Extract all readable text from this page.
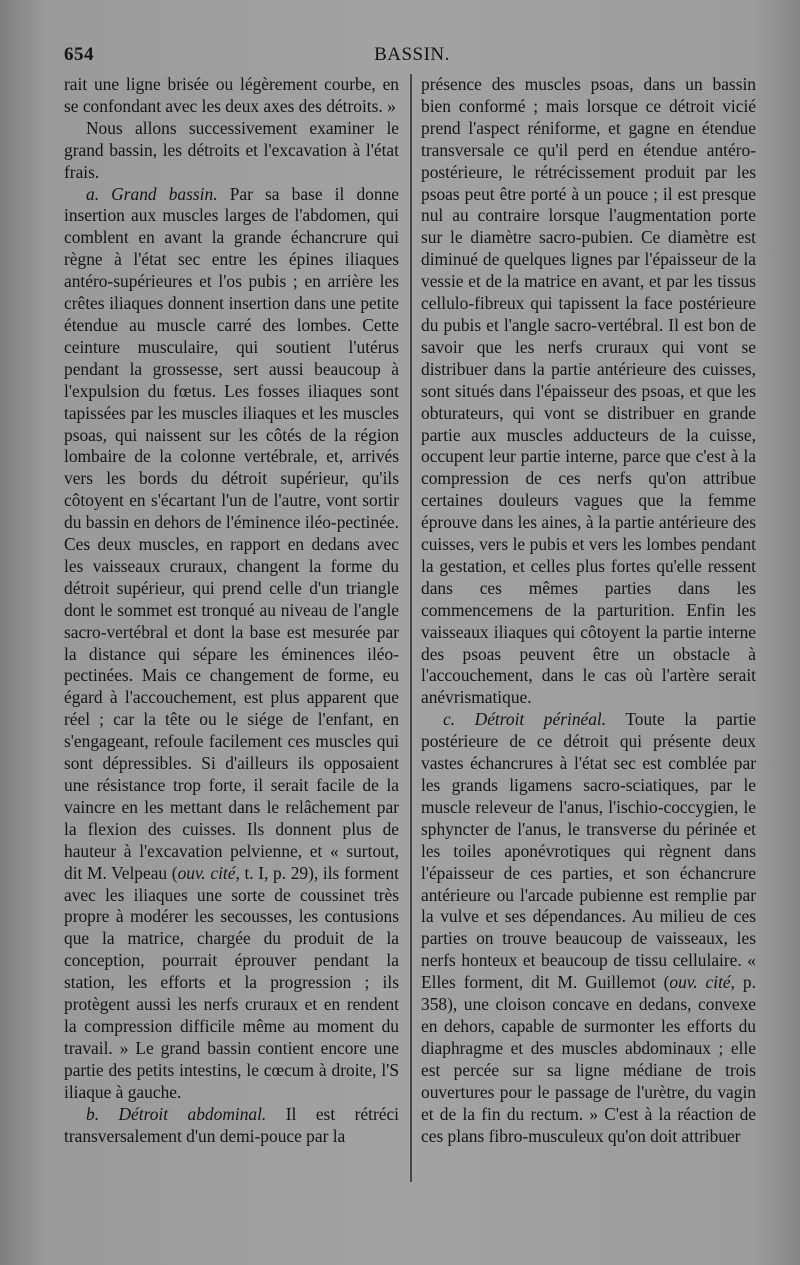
654	BASSIN.

rait une ligne brisée ou légèrement courbe, en se confondant avec les deux axes des détroits. »

Nous allons successivement examiner le grand bassin, les détroits et l'excavation à l'état frais.

a. Grand bassin. Par sa base il donne insertion aux muscles larges de l'abdomen, qui comblent en avant la grande échancrure qui règne à l'état sec entre les épines iliaques antéro-supérieures et l'os pubis ; en arrière les crêtes iliaques donnent insertion dans une petite étendue au muscle carré des lombes. Cette ceinture musculaire, qui soutient l'utérus pendant la grossesse, sert aussi beaucoup à l'expulsion du fœtus. Les fosses iliaques sont tapissées par les muscles iliaques et les muscles psoas, qui naissent sur les côtés de la région lombaire de la colonne vertébrale, et, arrivés vers les bords du détroit supérieur, qu'ils côtoyent en s'écartant l'un de l'autre, vont sortir du bassin en dehors de l'éminence iléo-pectinée. Ces deux muscles, en rapport en dedans avec les vaisseaux cruraux, changent la forme du détroit supérieur, qui prend celle d'un triangle dont le sommet est tronqué au niveau de l'angle sacro-vertébral et dont la base est mesurée par la distance qui sépare les éminences iléo-pectinées. Mais ce changement de forme, eu égard à l'accouchement, est plus apparent que réel ; car la tête ou le siége de l'enfant, en s'engageant, refoule facilement ces muscles qui sont dépressibles. Si d'ailleurs ils opposaient une résistance trop forte, il serait facile de la vaincre en les mettant dans le relâchement par la flexion des cuisses. Ils donnent plus de hauteur à l'excavation pelvienne, et « surtout, dit M. Velpeau (ouv. cité, t. I, p. 29), ils forment avec les iliaques une sorte de coussinet très propre à modérer les secousses, les contusions que la matrice, chargée du produit de la conception, pourrait éprouver pendant la station, les efforts et la progression ; ils protègent aussi les nerfs cruraux et en rendent la compression difficile même au moment du travail. » Le grand bassin contient encore une partie des petits intestins, le cœcum à droite, l'S iliaque à gauche.

b. Détroit abdominal. Il est rétréci transversalement d'un demi-pouce par la

présence des muscles psoas, dans un bassin bien conformé ; mais lorsque ce détroit vicié prend l'aspect réniforme, et gagne en étendue transversale ce qu'il perd en étendue antéro-postérieure, le rétrécissement produit par les psoas peut être porté à un pouce ; il est presque nul au contraire lorsque l'augmentation porte sur le diamètre sacro-pubien. Ce diamètre est diminué de quelques lignes par l'épaisseur de la vessie et de la matrice en avant, et par les tissus cellulo-fibreux qui tapissent la face postérieure du pubis et l'angle sacro-vertébral. Il est bon de savoir que les nerfs cruraux qui vont se distribuer dans la partie antérieure des cuisses, sont situés dans l'épaisseur des psoas, et que les obturateurs, qui vont se distribuer en grande partie aux muscles adducteurs de la cuisse, occupent leur partie interne, parce que c'est à la compression de ces nerfs qu'on attribue certaines douleurs vagues que la femme éprouve dans les aines, à la partie antérieure des cuisses, vers le pubis et vers les lombes pendant la gestation, et celles plus fortes qu'elle ressent dans ces mêmes parties dans les commencemens de la parturition. Enfin les vaisseaux iliaques qui côtoyent la partie interne des psoas peuvent être un obstacle à l'accouchement, dans le cas où l'artère serait anévrismatique.

c. Détroit périnéal. Toute la partie postérieure de ce détroit qui présente deux vastes échancrures à l'état sec est comblée par les grands ligamens sacro-sciatiques, par le muscle releveur de l'anus, l'ischio-coccygien, le sphyncter de l'anus, le transverse du périnée et les toiles aponévrotiques qui règnent dans l'épaisseur de ces parties, et son échancrure antérieure ou l'arcade pubienne est remplie par la vulve et ses dépendances. Au milieu de ces parties on trouve beaucoup de vaisseaux, les nerfs honteux et beaucoup de tissu cellulaire. « Elles forment, dit M. Guillemot (ouv. cité, p. 358), une cloison concave en dedans, convexe en dehors, capable de surmonter les efforts du diaphragme et des muscles abdominaux ; elle est percée sur sa ligne médiane de trois ouvertures pour le passage de l'urètre, du vagin et de la fin du rectum. » C'est à la réaction de ces plans fibro-musculeux qu'on doit attribuer
